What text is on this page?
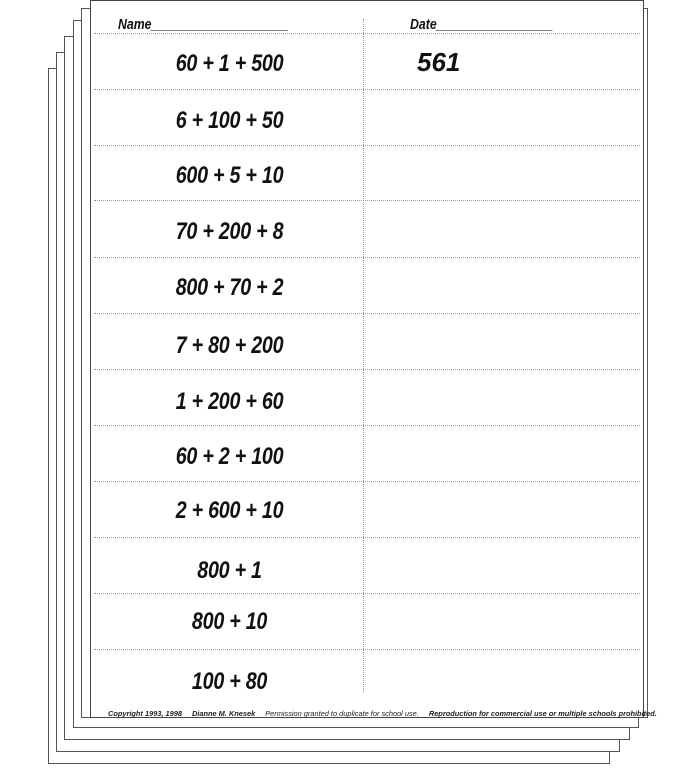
Name____________________	Date_________________
60 + 1 + 500
6 + 100 + 50
600 + 5 + 10
70 + 200 + 8
800 + 70 + 2
7 + 80 + 200
1 + 200 + 60
60 + 2 + 100
2 + 600 + 10
800 + 1
800 + 10
100 + 80
561
Copyright 1993, 1998 Dianne M. Knesek Permission granted to duplicate for school use. Reproduction for commercial use or multiple schools prohibited.
